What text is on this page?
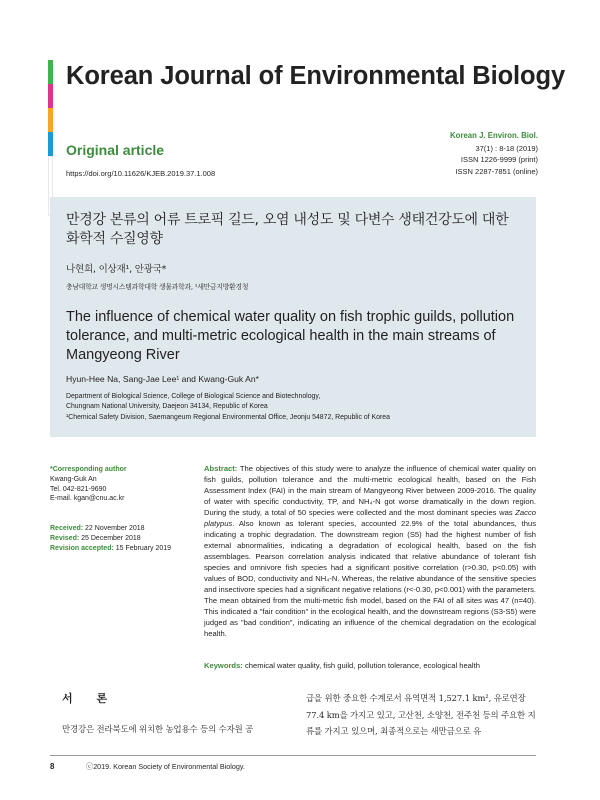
Korean Journal of Environmental Biology
Original article
https://doi.org/10.11626/KJEB.2019.37.1.008
Korean J. Environ. Biol.
37(1) : 8-18 (2019)
ISSN 1226-9999 (print)
ISSN 2287-7851 (online)
만경강 본류의 어류 트로픽 길드, 오염 내성도 및 다변수 생태건강도에 대한
화학적 수질영향
나현희, 이상재¹, 안광국*
충남대학교 생명시스템과학대학 생물과학과, ¹새만금지방환경청
The influence of chemical water quality on fish trophic guilds, pollution tolerance, and multi-metric ecological health in the main streams of Mangyeong River
Hyun-Hee Na, Sang-Jae Lee¹ and Kwang-Guk An*
Department of Biological Science, College of Biological Science and Biotechnology,
Chungnam National University, Daejeon 34134, Republic of Korea
¹Chemical Safety Division, Saemangeum Regional Environmental Office, Jeonju 54872, Republic of Korea
*Corresponding author
Kwang-Guk An
Tel. 042-821-9690
E-mail. kgan@cnu.ac.kr
Received: 22 November 2018
Revised: 25 December 2018
Revision accepted: 15 February 2019
Abstract: The objectives of this study were to analyze the influence of chemical water quality on fish guilds, pollution tolerance and the multi-metric ecological health, based on the Fish Assessment Index (FAI) in the main stream of Mangyeong River between 2009-2016. The quality of water with specific conductivity, TP, and NH₄-N got worse dramatically in the down region. During the study, a total of 50 species were collected and the most dominant species was Zacco platypus. Also known as tolerant species, accounted 22.9% of the total abundances, thus indicating a trophic degradation. The downstream region (S5) had the highest number of fish external abnormalities, indicating a degradation of ecological health, based on the fish assemblages. Pearson correlation analysis indicated that relative abundance of tolerant fish species and omnivore fish species had a significant positive correlation (r>0.30, p<0.05) with values of BOD, conductivity and NH₄-N. Whereas, the relative abundance of the sensitive species and insectivore species had a significant negative relations (r<-0.30, p<0.001) with the parameters. The mean obtained from the multi-metric fish model, based on the FAI of all sites was 47 (n=40). This indicated a "fair condition" in the ecological health, and the downstream regions (S3-S5) were judged as "bad condition", indicating an influence of the chemical degradation on the ecological health.
Keywords: chemical water quality, fish guild, pollution tolerance, ecological health
서 론
만경강은 전라북도에 위치한 농업용수 등의 수자원 공
급을 위한 중요한 수계로서 유역면적 1,527.1 km², 유로연장 77.4 km을 가지고 있고, 고산천, 소양천, 전주천 등의 주요한 지류를 가지고 있으며, 최종적으로는 새만금으로 유
8	ⓒ2019. Korean Society of Environmental Biology.
